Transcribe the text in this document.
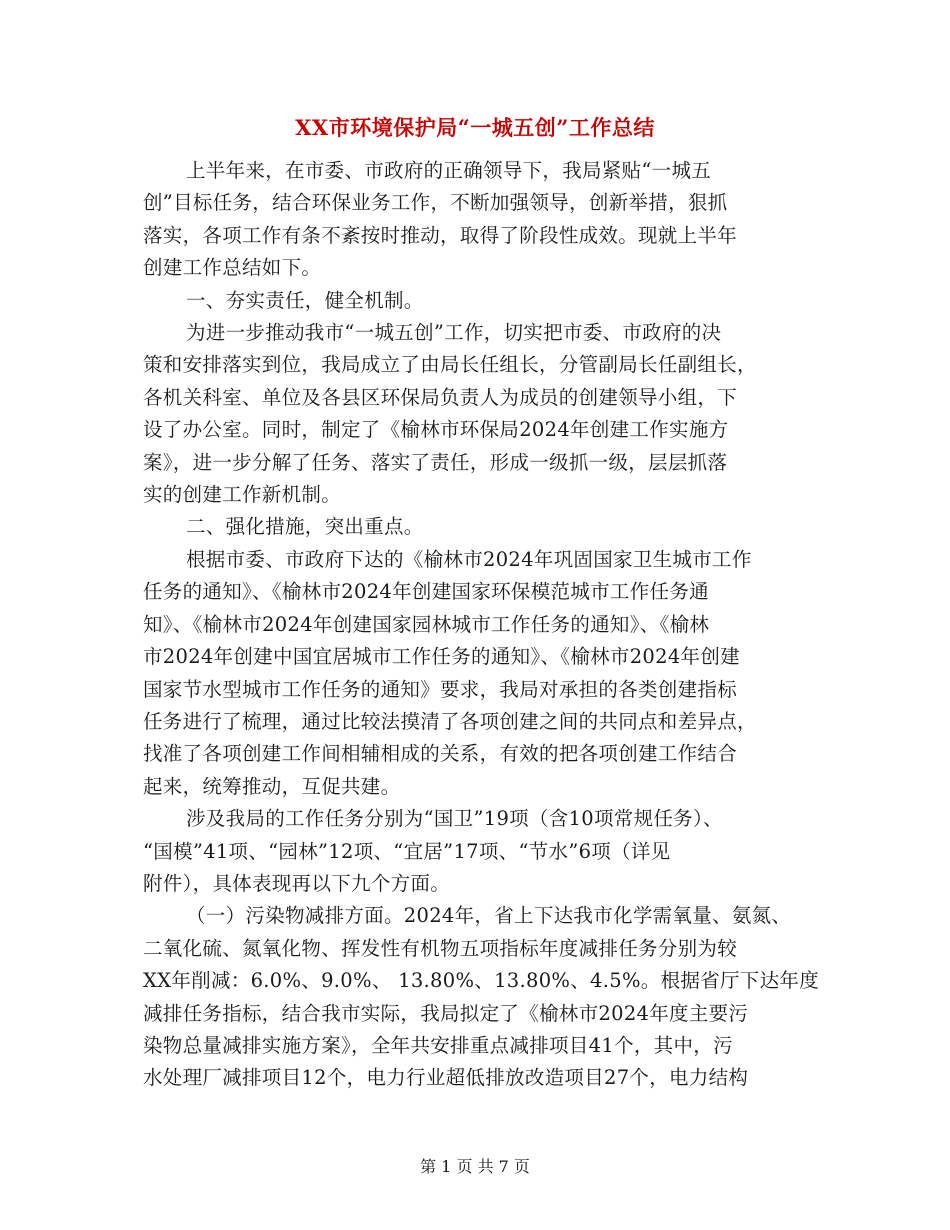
XX市环境保护局“一城五创”工作总结

上半年来，在市委、市政府的正确领导下，我局紧贴“一城五
创”目标任务，结合环保业务工作，不断加强领导，创新举措，狠抓
落实，各项工作有条不紊按时推动，取得了阶段性成效。现就上半年
创建工作总结如下。

一、夯实责任，健全机制。

为进一步推动我市“一城五创”工作，切实把市委、市政府的决
策和安排落实到位，我局成立了由局长任组长，分管副局长任副组长，
各机关科室、单位及各县区环保局负责人为成员的创建领导小组，下
设了办公室。同时，制定了《榆林市环保局2024年创建工作实施方
案》，进一步分解了任务、落实了责任，形成一级抓一级，层层抓落
实的创建工作新机制。

二、强化措施，突出重点。

根据市委、市政府下达的《榆林市2024年巩固国家卫生城市工作
任务的通知》、《榆林市2024年创建国家环保模范城市工作任务通
知》、《榆林市2024年创建国家园林城市工作任务的通知》、《榆林
市2024年创建中国宜居城市工作任务的通知》、《榆林市2024年创建
国家节水型城市工作任务的通知》要求，我局对承担的各类创建指标
任务进行了梳理，通过比较法摸清了各项创建之间的共同点和差异点，
找准了各项创建工作间相辅相成的关系，有效的把各项创建工作结合
起来，统筹推动，互促共建。

涉及我局的工作任务分别为“国卫”19项（含10项常规任务）、
“国模”41项、“园林”12项、“宜居”17项、“节水”6项（详见
附件），具体表现再以下九个方面。

（一）污染物减排方面。2024年，省上下达我市化学需氧量、氨氮、
二氧化硫、氮氧化物、挥发性有机物五项指标年度减排任务分别为较
XX年削减：6.0%、9.0%、 13.80%、13.80%、4.5%。根据省厅下达年度
减排任务指标，结合我市实际，我局拟定了《榆林市2024年度主要污
染物总量减排实施方案》，全年共安排重点减排项目41个，其中，污
水处理厂减排项目12个，电力行业超低排放改造项目27个，电力结构

第 1 页 共 7 页
